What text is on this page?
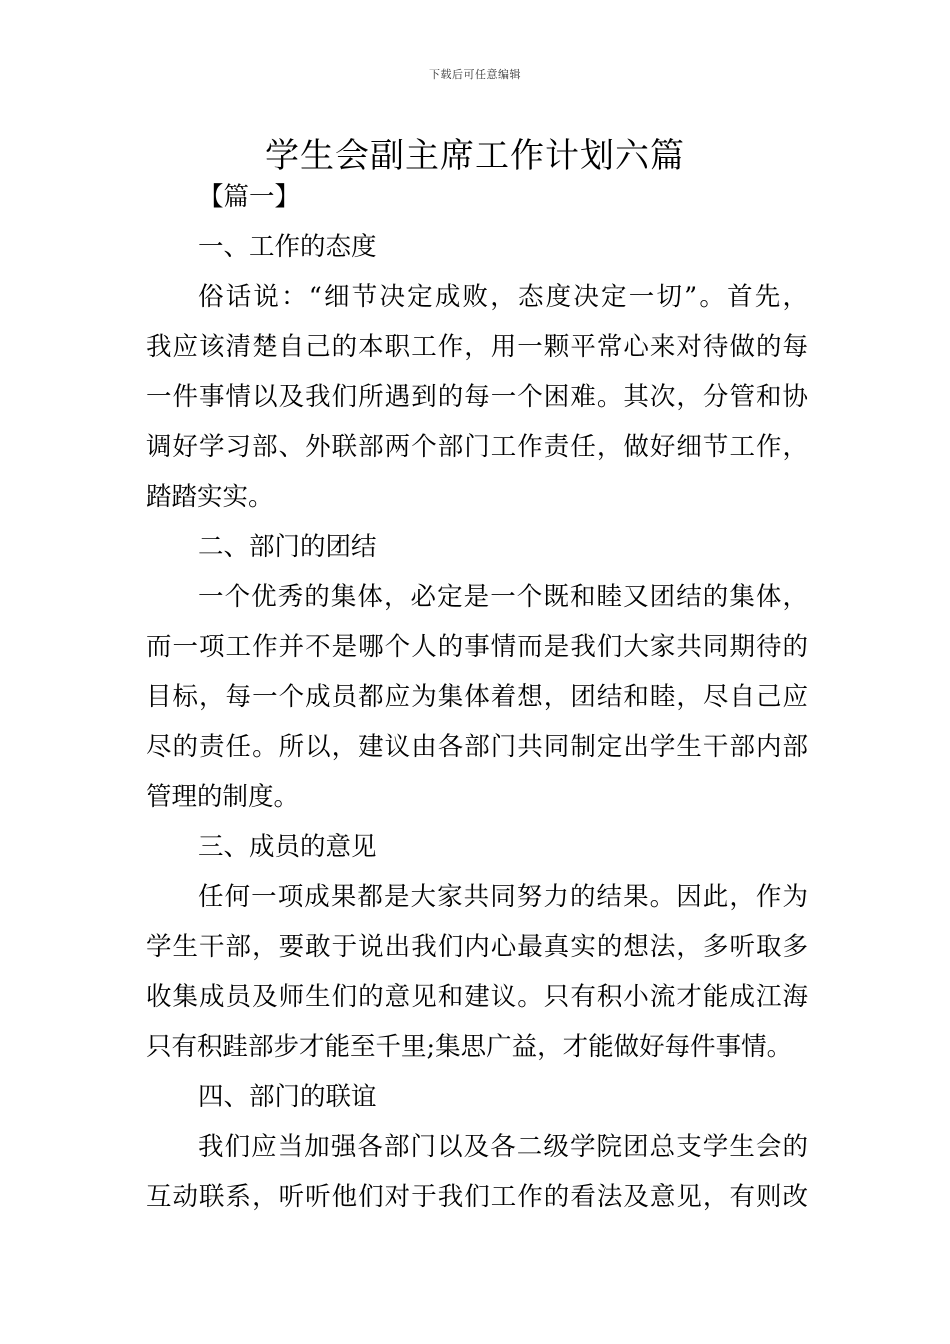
下载后可任意编辑
学生会副主席工作计划六篇
【篇一】
一、工作的态度
俗话说：“细节决定成败，态度决定一切”。首先，
我应该清楚自己的本职工作，用一颗平常心来对待做的每
一件事情以及我们所遇到的每一个困难。其次，分管和协
调好学习部、外联部两个部门工作责任，做好细节工作，
踏踏实实。
二、部门的团结
一个优秀的集体，必定是一个既和睦又团结的集体，
而一项工作并不是哪个人的事情而是我们大家共同期待的
目标，每一个成员都应为集体着想，团结和睦，尽自己应
尽的责任。所以，建议由各部门共同制定出学生干部内部
管理的制度。
三、成员的意见
任何一项成果都是大家共同努力的结果。因此，作为
学生干部，要敢于说出我们内心最真实的想法，多听取多
收集成员及师生们的意见和建议。只有积小流才能成江海
只有积跬部步才能至千里;集思广益，才能做好每件事情。
四、部门的联谊
我们应当加强各部门以及各二级学院团总支学生会的
互动联系，听听他们对于我们工作的看法及意见，有则改
